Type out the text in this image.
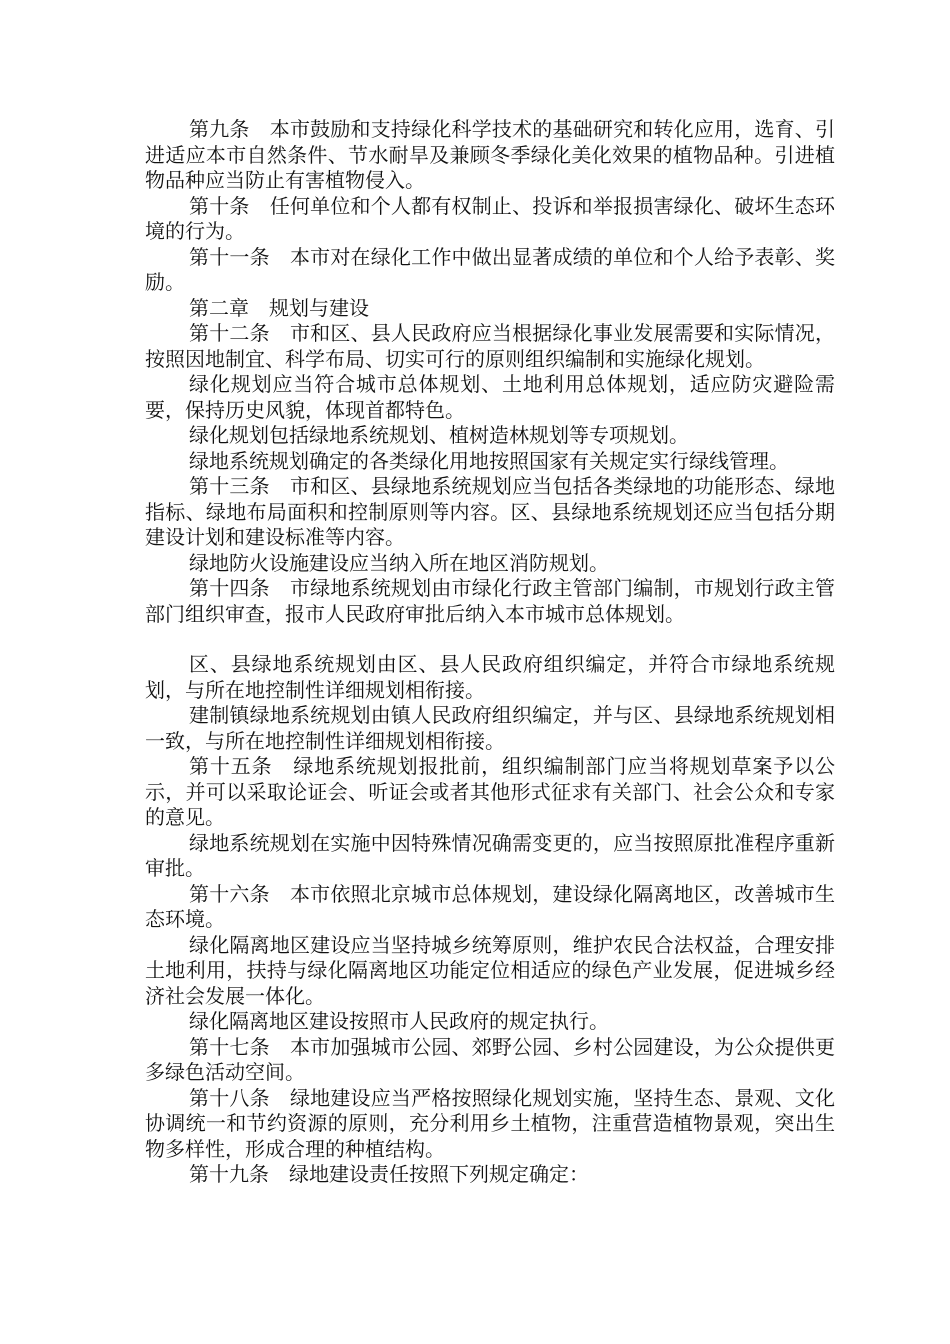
第九条　本市鼓励和支持绿化科学技术的基础研究和转化应用，选育、引进适应本市自然条件、节水耐旱及兼顾冬季绿化美化效果的植物品种。引进植物品种应当防止有害植物侵入。

第十条　任何单位和个人都有权制止、投诉和举报损害绿化、破坏生态环境的行为。

第十一条　本市对在绿化工作中做出显著成绩的单位和个人给予表彰、奖励。

第二章　规划与建设

第十二条　市和区、县人民政府应当根据绿化事业发展需要和实际情况，按照因地制宜、科学布局、切实可行的原则组织编制和实施绿化规划。

绿化规划应当符合城市总体规划、土地利用总体规划，适应防灾避险需要，保持历史风貌，体现首都特色。

绿化规划包括绿地系统规划、植树造林规划等专项规划。

绿地系统规划确定的各类绿化用地按照国家有关规定实行绿线管理。

第十三条　市和区、县绿地系统规划应当包括各类绿地的功能形态、绿地指标、绿地布局面积和控制原则等内容。区、县绿地系统规划还应当包括分期建设计划和建设标准等内容。

绿地防火设施建设应当纳入所在地区消防规划。

第十四条　市绿地系统规划由市绿化行政主管部门编制，市规划行政主管部门组织审查，报市人民政府审批后纳入本市城市总体规划。

区、县绿地系统规划由区、县人民政府组织编定，并符合市绿地系统规划，与所在地控制性详细规划相衔接。

建制镇绿地系统规划由镇人民政府组织编定，并与区、县绿地系统规划相一致，与所在地控制性详细规划相衔接。

第十五条　绿地系统规划报批前，组织编制部门应当将规划草案予以公示，并可以采取论证会、听证会或者其他形式征求有关部门、社会公众和专家的意见。

绿地系统规划在实施中因特殊情况确需变更的，应当按照原批准程序重新审批。

第十六条　本市依照北京城市总体规划，建设绿化隔离地区，改善城市生态环境。

绿化隔离地区建设应当坚持城乡统筹原则，维护农民合法权益，合理安排土地利用，扶持与绿化隔离地区功能定位相适应的绿色产业发展，促进城乡经济社会发展一体化。

绿化隔离地区建设按照市人民政府的规定执行。

第十七条　本市加强城市公园、郊野公园、乡村公园建设，为公众提供更多绿色活动空间。

第十八条　绿地建设应当严格按照绿化规划实施，坚持生态、景观、文化协调统一和节约资源的原则，充分利用乡土植物，注重营造植物景观，突出生物多样性，形成合理的种植结构。

第十九条　绿地建设责任按照下列规定确定：
